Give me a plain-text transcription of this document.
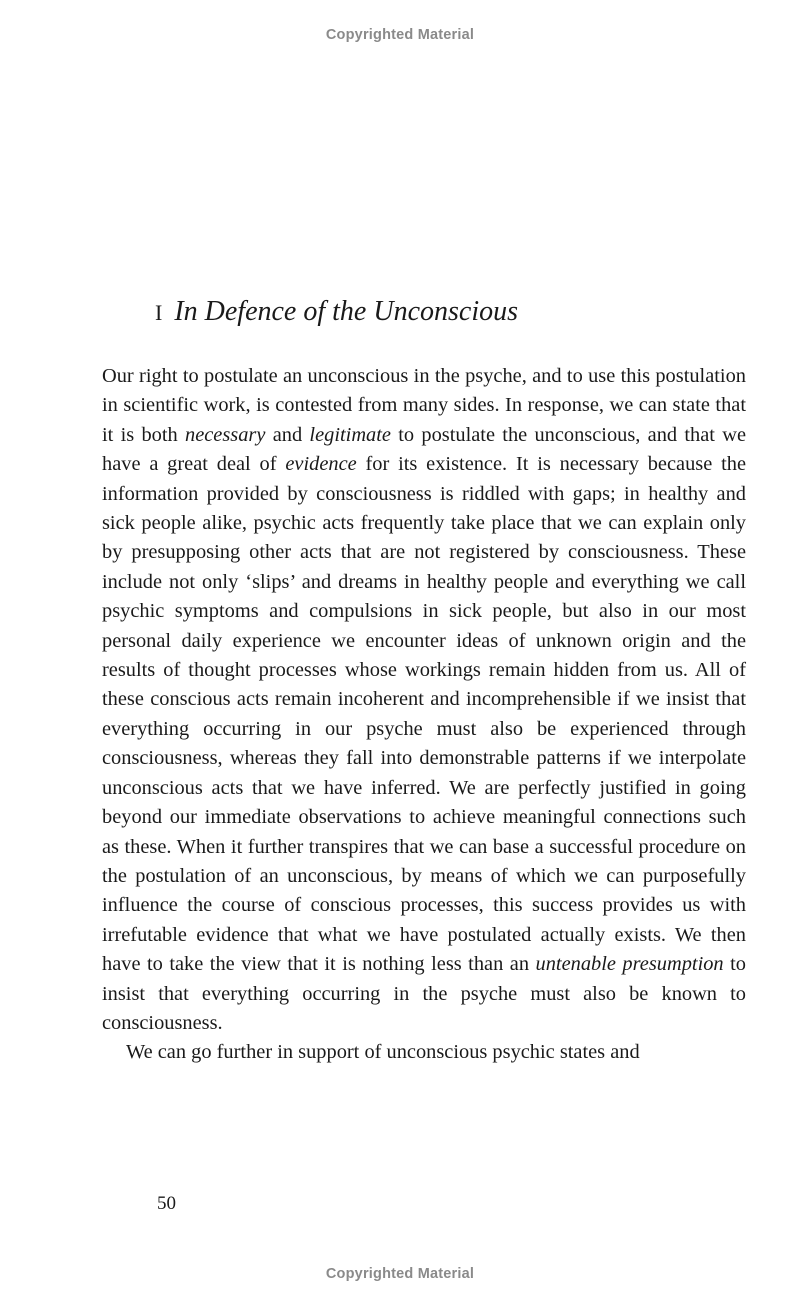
Copyrighted Material
I In Defence of the Unconscious

Our right to postulate an unconscious in the psyche, and to use this postulation in scientific work, is contested from many sides. In response, we can state that it is both necessary and legitimate to postulate the unconscious, and that we have a great deal of evidence for its existence. It is necessary because the information provided by consciousness is riddled with gaps; in healthy and sick people alike, psychic acts frequently take place that we can explain only by presupposing other acts that are not registered by consciousness. These include not only ‘slips’ and dreams in healthy people and everything we call psychic symptoms and compulsions in sick people, but also in our most personal daily experience we encounter ideas of unknown origin and the results of thought processes whose workings remain hidden from us. All of these conscious acts remain incoherent and incomprehensible if we insist that everything occurring in our psyche must also be experienced through consciousness, whereas they fall into demonstrable patterns if we interpolate unconscious acts that we have inferred. We are perfectly justified in going beyond our immediate observations to achieve meaningful connections such as these. When it further transpires that we can base a successful procedure on the postulation of an unconscious, by means of which we can purposefully influence the course of conscious processes, this success provides us with irrefutable evidence that what we have postulated actually exists. We then have to take the view that it is nothing less than an untenable presumption to insist that everything occurring in the psyche must also be known to consciousness.

We can go further in support of unconscious psychic states and

50
Copyrighted Material
